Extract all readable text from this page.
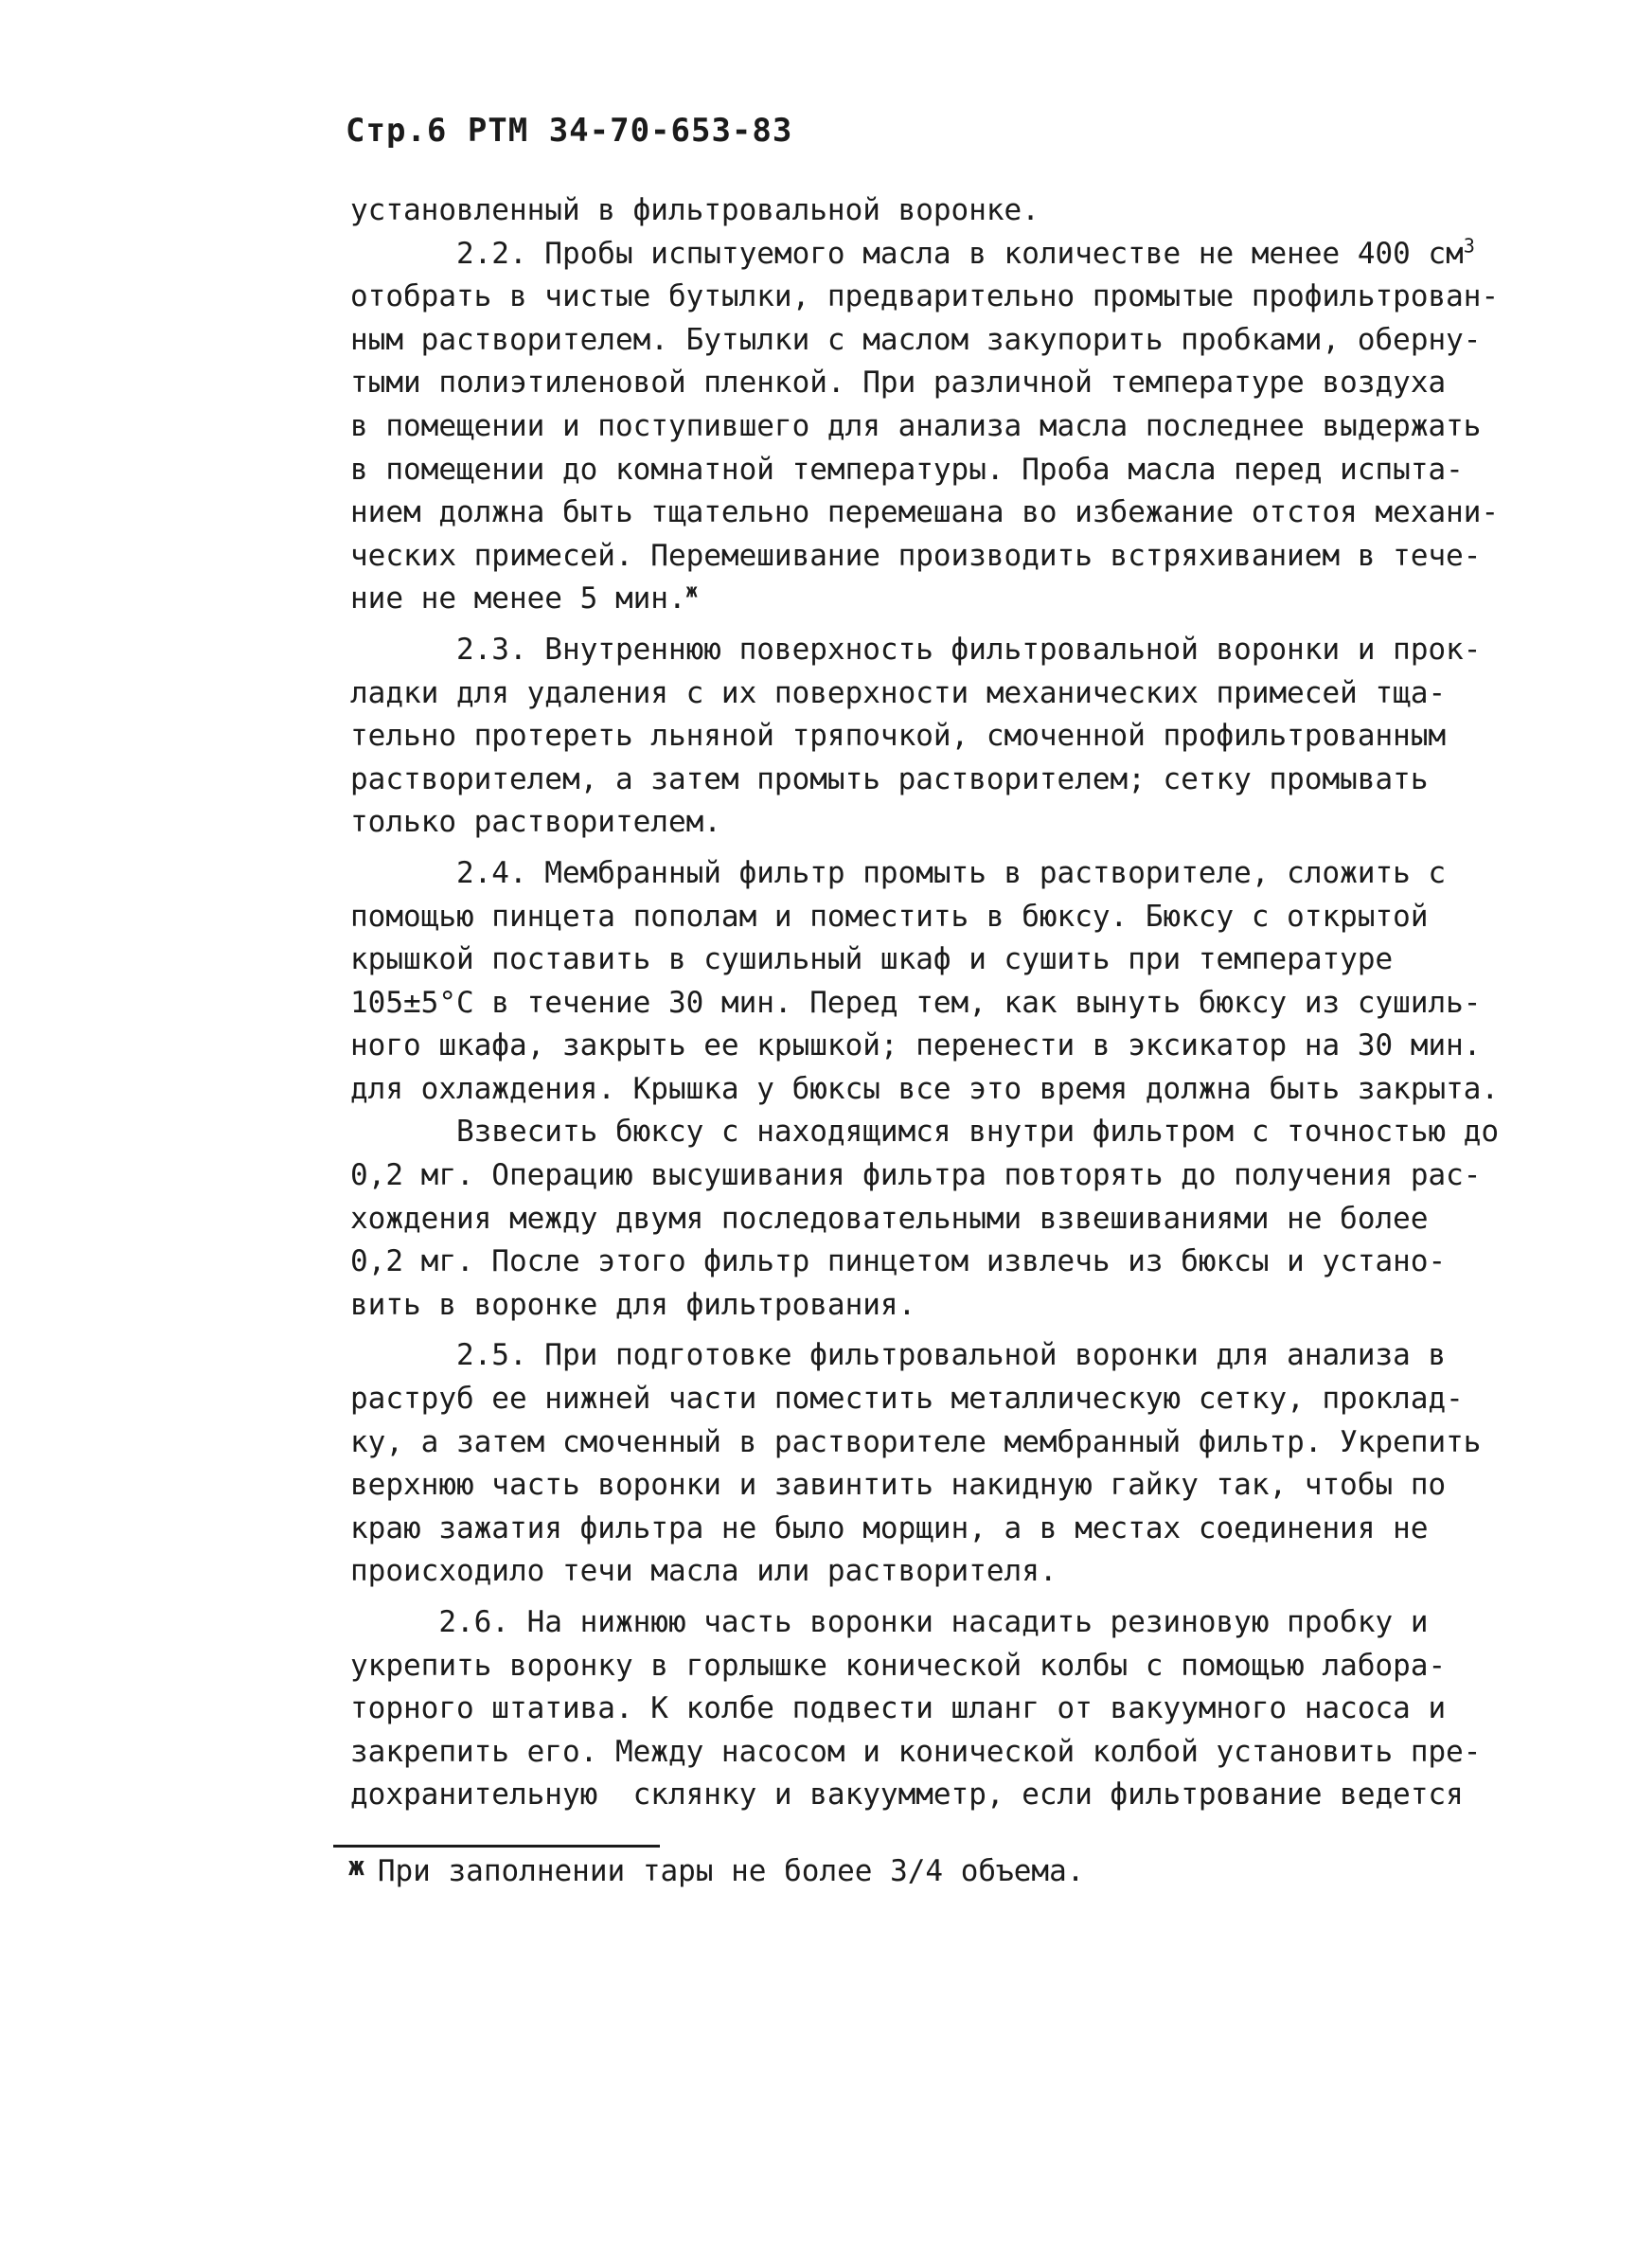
Стр.6 РТМ 34-70-653-83
установленный в фильтровальной воронке.
2.2. Пробы испытуемого масла в количестве не менее 400 $см^3$
отобрать в чистые бутылки, предварительно промытые профильтрован-
ным растворителем. Бутылки с маслом закупорить пробками, оберну-
тыми полиэтиленовой пленкой. При различной температуре воздуха
в помещении и поступившего для анализа масла последнее выдержать
в помещении до комнатной температуры. Проба масла перед испыта-
нием должна быть тщательно перемешана во избежание отстоя механи-
ческих примесей. Перемешивание производить встряхиванием в тече-
ние не менее 5 мин.$^ж$
2.3. Внутреннюю поверхность фильтровальной воронки и прок-
ладки для удаления с их поверхности механических примесей тща-
тельно протереть льняной тряпочкой, смоченной профильтрованным
растворителем, а затем промыть растворителем; сетку промывать
только растворителем.
2.4. Мембранный фильтр промыть в растворителе, сложить с
помощью пинцета пополам и поместить в бюксу. Бюксу с открытой
крышкой поставить в сушильный шкаф и сушить при температуре
105±5°С в течение 30 мин. Перед тем, как вынуть бюксу из сушиль-
ного шкафа, закрыть ее крышкой; перенести в эксикатор на 30 мин.
для охлаждения. Крышка у бюксы все это время должна быть закрыта.
Взвесить бюксу с находящимся внутри фильтром с точностью до
0,2 мг. Операцию высушивания фильтра повторять до получения рас-
хождения между двумя последовательными взвешиваниями не более
0,2 мг. После этого фильтр пинцетом извлечь из бюксы и устано-
вить в воронке для фильтрования.
2.5. При подготовке фильтровальной воронки для анализа в
раструб ее нижней части поместить металлическую сетку, проклад-
ку, а затем смоченный в растворителе мембранный фильтр. Укрепить
верхнюю часть воронки и завинтить накидную гайку так, чтобы по
краю зажатия фильтра не было морщин, а в местах соединения не
происходило течи масла или растворителя.
2.6. На нижнюю часть воронки насадить резиновую пробку и
укрепить воронку в горлышке конической колбы с помощью лабора-
торного штатива. К колбе подвести шланг от вакуумного насоса и
закрепить его. Между насосом и конической колбой установить пре-
дохранительную  склянку и вакуумметр, если фильтрование ведется
ж При заполнении тары не более 3/4 объема.
